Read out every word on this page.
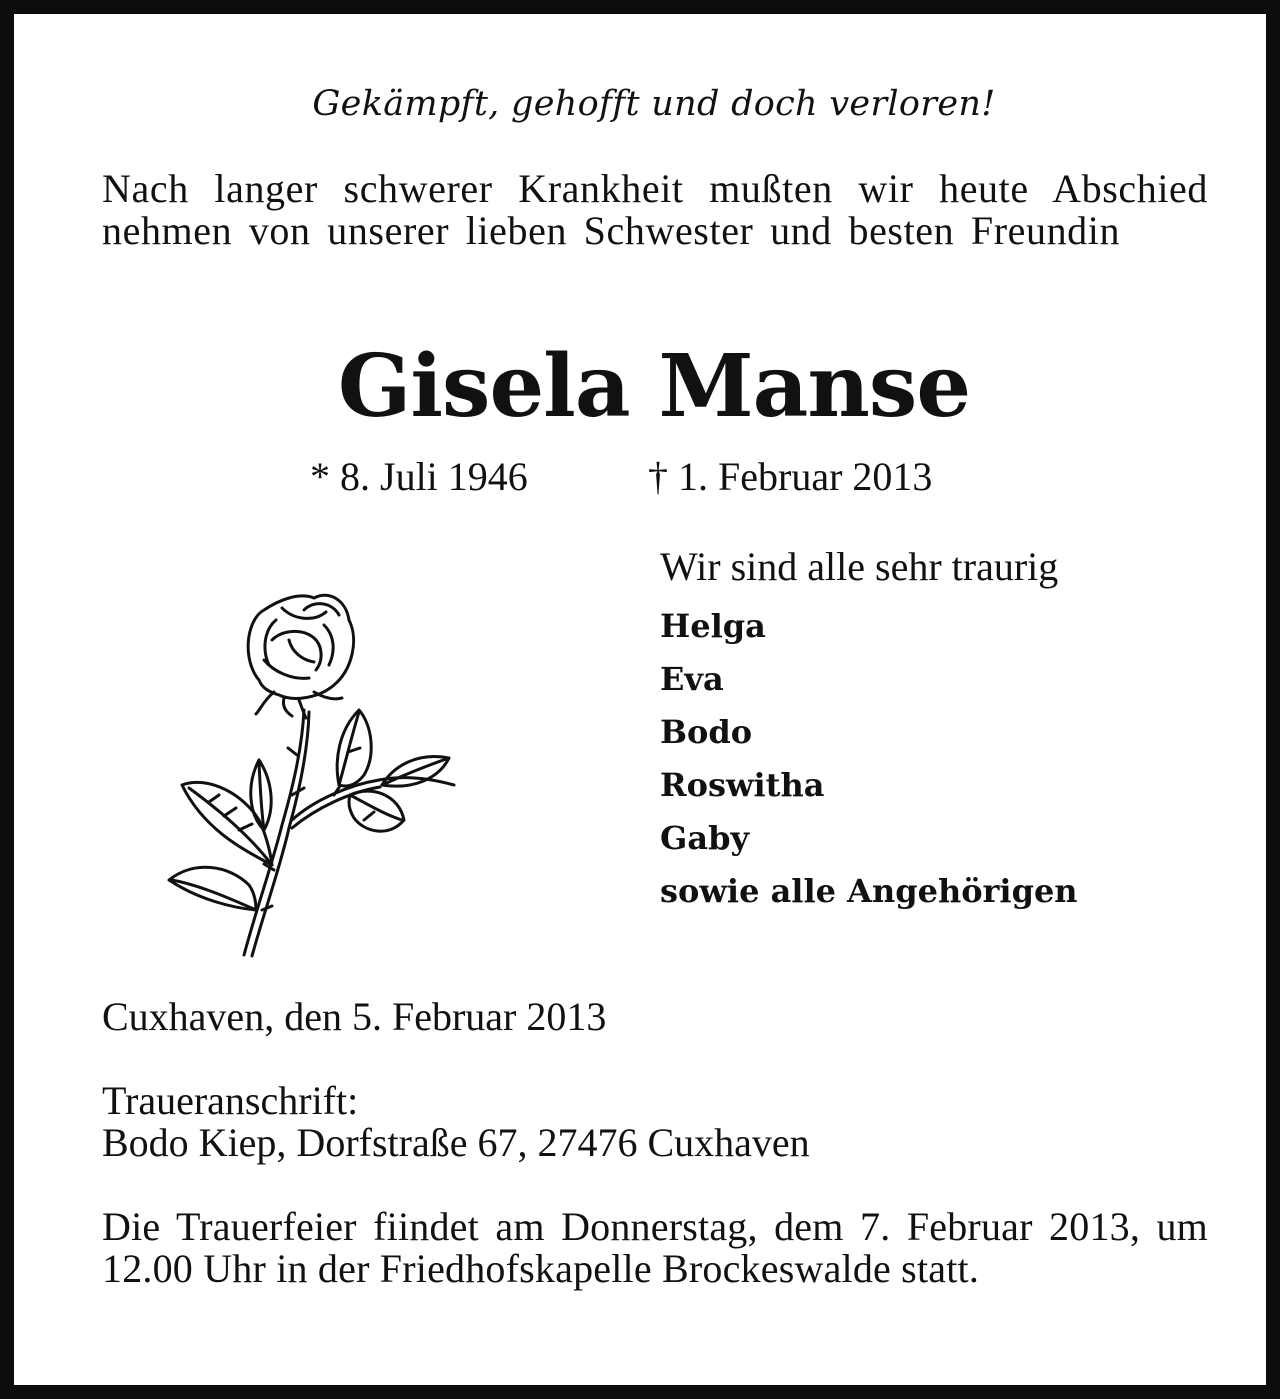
Gekämpft, gehofft und doch verloren!
Nach langer schwerer Krankheit mußten wir heute Abschied nehmen von unserer lieben Schwester und besten Freundin
Gisela Manse
* 8. Juli 1946	† 1. Februar 2013
Wir sind alle sehr traurig
Helga
Eva
Bodo
Roswitha
Gaby
sowie alle Angehörigen
Cuxhaven, den 5. Februar 2013
Traueranschrift:
Bodo Kiep, Dorfstraße 67, 27476 Cuxhaven
Die Trauerfeier fiindet am Donnerstag, dem 7. Februar 2013, um 12.00 Uhr in der Friedhofskapelle Brockeswalde statt.
